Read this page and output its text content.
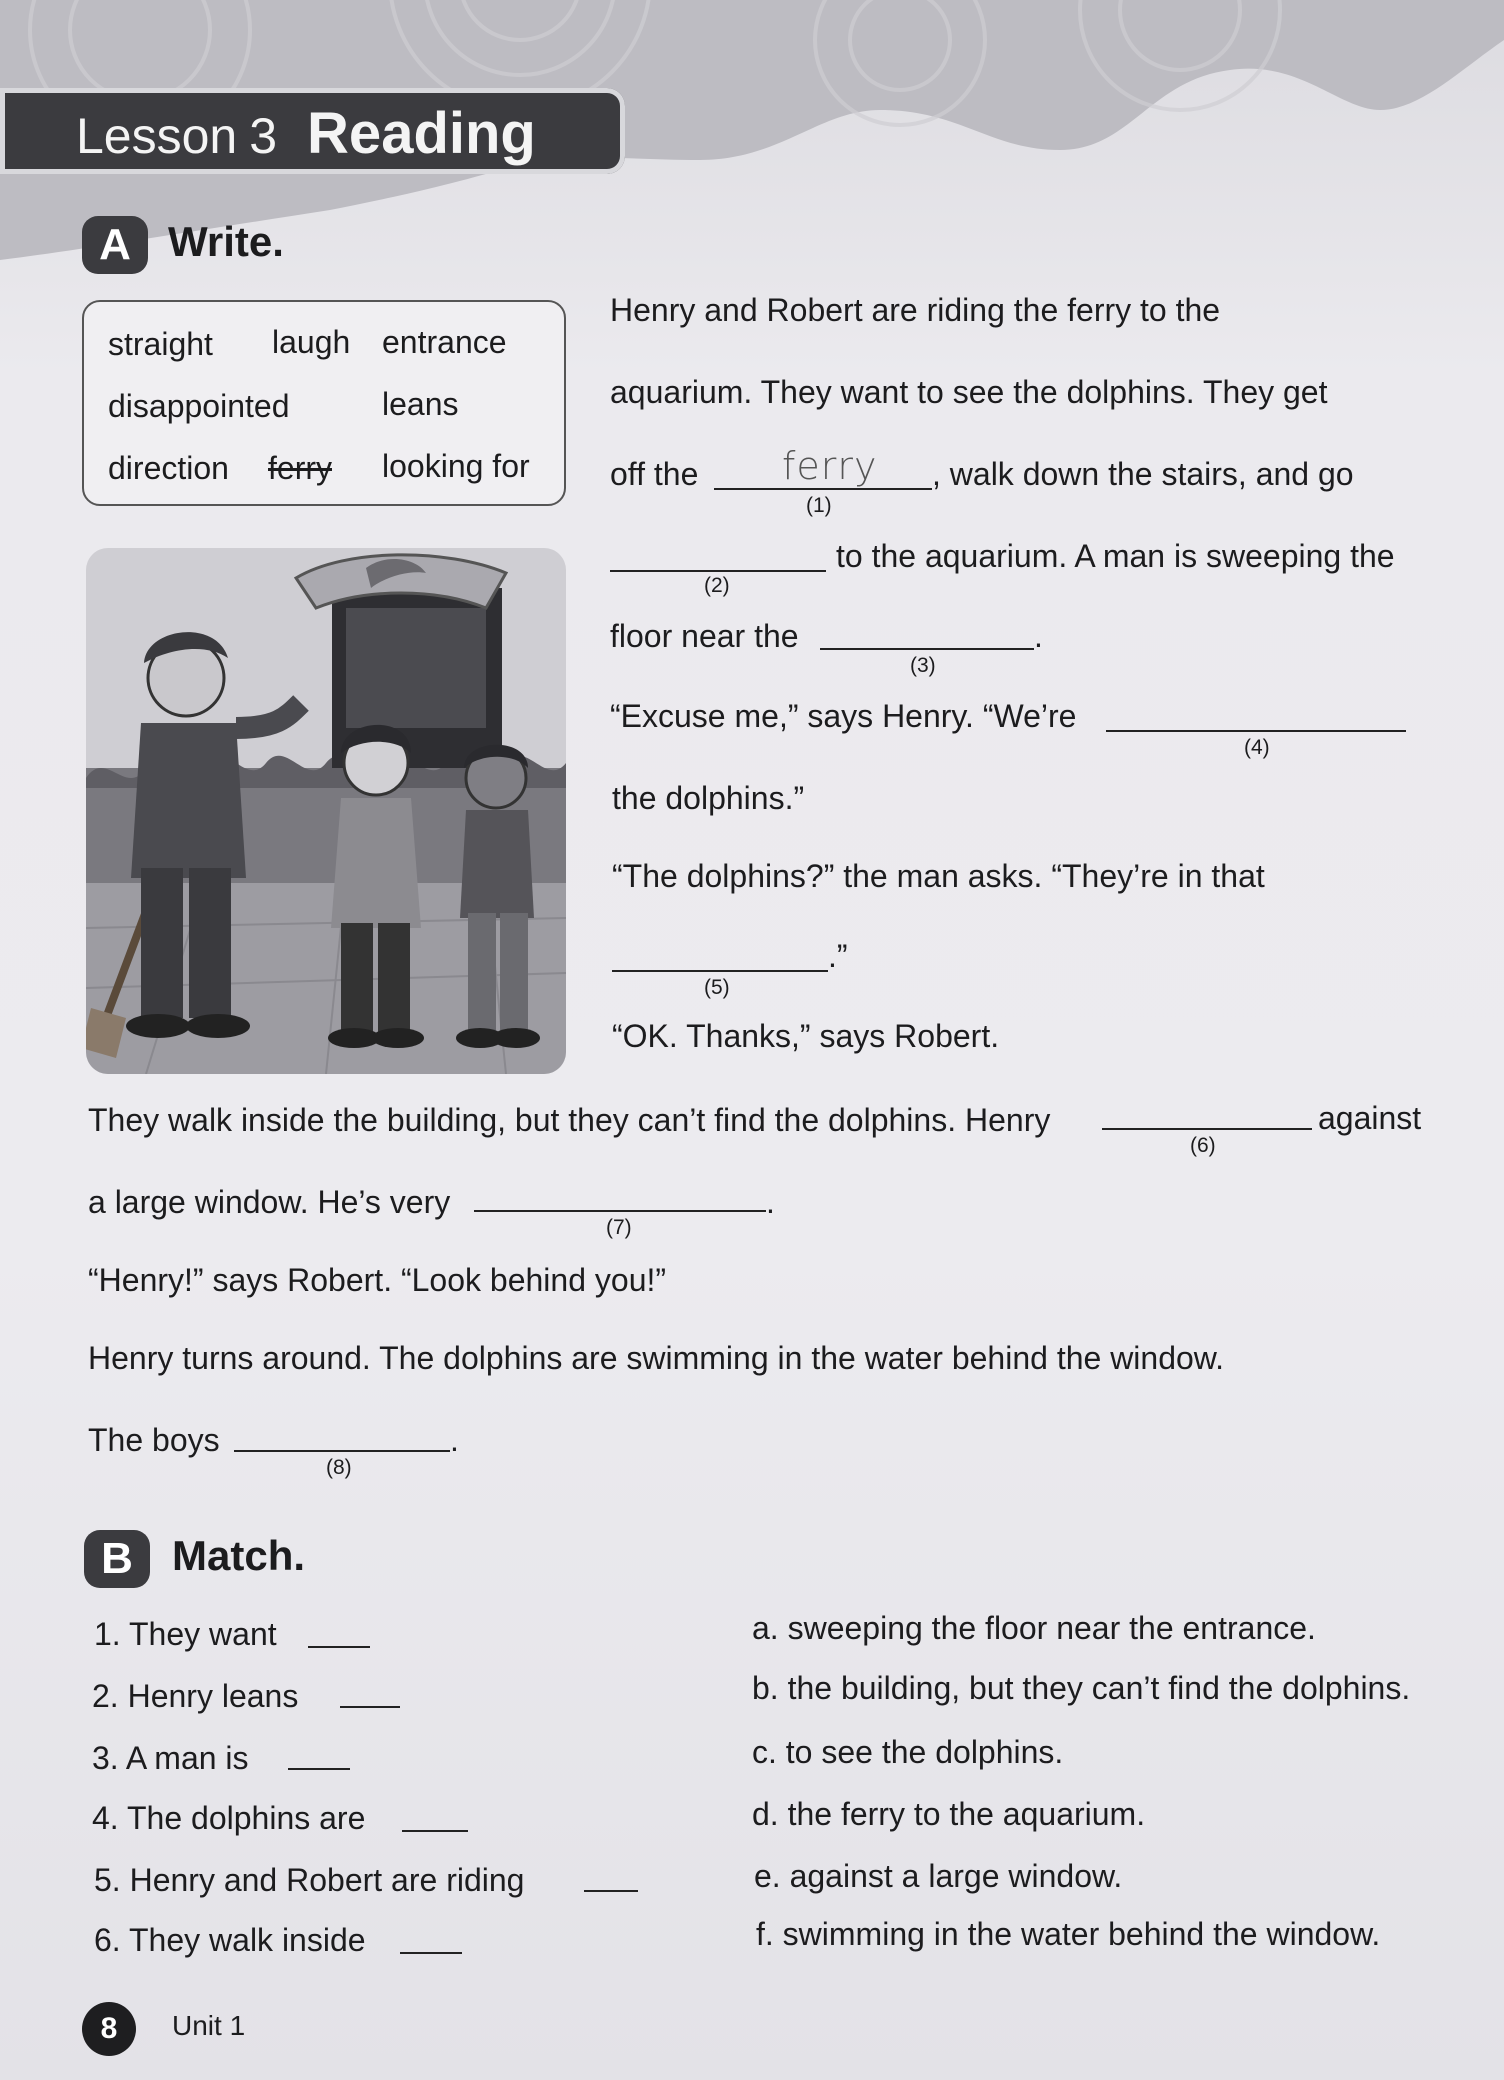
Lesson 3 Reading
A Write.
straight laugh entrance
disappointed	leans
direction ferry looking for
Henry and Robert are riding the ferry to the
aquarium. They want to see the dolphins. They get
off the ferry
(1)
, walk down the stairs, and go
(2)
to the aquarium. A man is sweeping the
floor near the
(3)
.
“Excuse me,” says Henry. “We’re
(4)
the dolphins.”
“The dolphins?” the man asks. “They’re in that
(5)
.”
“OK. Thanks,” says Robert.
They walk inside the building, but they can’t find the dolphins. Henry
(6)
against
a large window. He’s very
(7)
.
“Henry!” says Robert. “Look behind you!”
Henry turns around. The dolphins are swimming in the water behind the window.
The boys
(8)
.
B Match.
1. They want
2. Henry leans
3. A man is
4. The dolphins are
5. Henry and Robert are riding
6. They walk inside
a. sweeping the floor near the entrance.
b. the building, but they can’t find the dolphins.
c. to see the dolphins.
d. the ferry to the aquarium.
e. against a large window.
f. swimming in the water behind the window.
8	Unit 1
